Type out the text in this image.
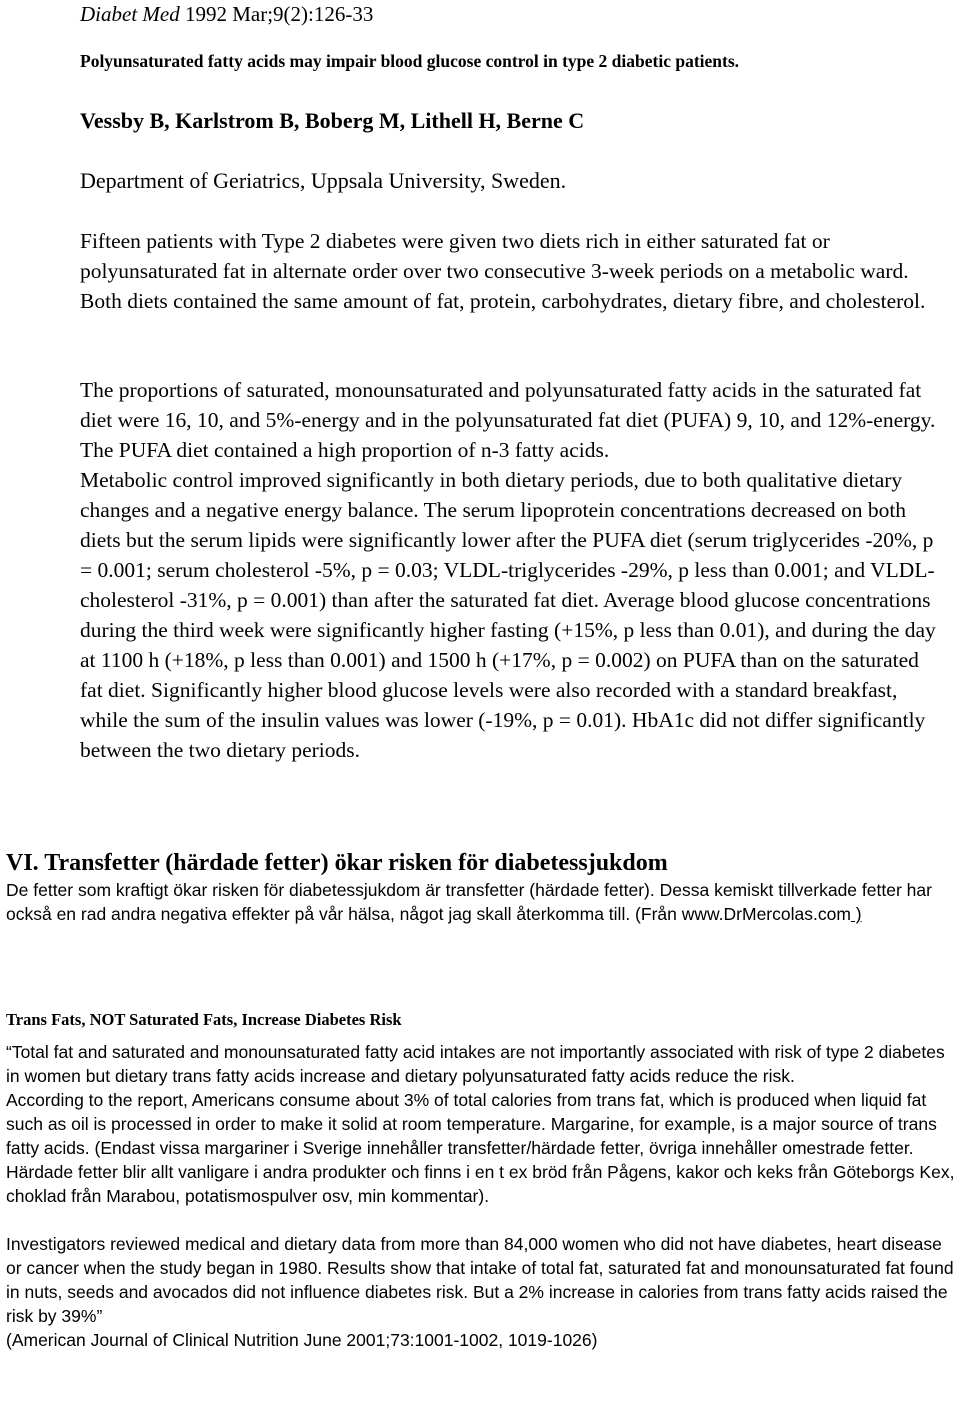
Diabet Med 1992 Mar;9(2):126-33
Polyunsaturated fatty acids may impair blood glucose control in type 2 diabetic patients.
Vessby B, Karlstrom B, Boberg M, Lithell H, Berne C
Department of Geriatrics, Uppsala University, Sweden.

Fifteen patients with Type 2 diabetes were given two diets rich in either saturated fat or polyunsaturated fat in alternate order over two consecutive 3-week periods on a metabolic ward. Both diets contained the same amount of fat, protein, carbohydrates, dietary fibre, and cholesterol.

The proportions of saturated, monounsaturated and polyunsaturated fatty acids in the saturated fat diet were 16, 10, and 5%-energy and in the polyunsaturated fat diet (PUFA) 9, 10, and 12%-energy. The PUFA diet contained a high proportion of n-3 fatty acids.

Metabolic control improved significantly in both dietary periods, due to both qualitative dietary changes and a negative energy balance. The serum lipoprotein concentrations decreased on both diets but the serum lipids were significantly lower after the PUFA diet (serum triglycerides -20%, p = 0.001; serum cholesterol -5%, p = 0.03; VLDL-triglycerides -29%, p less than 0.001; and VLDL-cholesterol -31%, p = 0.001) than after the saturated fat diet. Average blood glucose concentrations during the third week were significantly higher fasting (+15%, p less than 0.01), and during the day at 1100 h (+18%, p less than 0.001) and 1500 h (+17%, p = 0.002) on PUFA than on the saturated fat diet. Significantly higher blood glucose levels were also recorded with a standard breakfast, while the sum of the insulin values was lower (-19%, p = 0.01). HbA1c did not differ significantly between the two dietary periods.

VI. Transfetter (härdade fetter) ökar risken för diabetessjukdom
De fetter som kraftigt ökar risken för diabetessjukdom är transfetter (härdade fetter). Dessa kemiskt tillverkade fetter har också en rad andra negativa effekter på vår hälsa, något jag skall återkomma till. (Från www.DrMercolas.com )
Trans Fats, NOT Saturated Fats, Increase Diabetes Risk

“Total fat and saturated and monounsaturated fatty acid intakes are not importantly associated with risk of type 2 diabetes in women but dietary trans fatty acids increase and dietary polyunsaturated fatty acids reduce the risk.

According to the report, Americans consume about 3% of total calories from trans fat, which is produced when liquid fat such as oil is processed in order to make it solid at room temperature. Margarine, for example, is a major source of trans fatty acids. (Endast vissa margariner i Sverige innehåller transfetter/härdade fetter, övriga innehåller omestrade fetter. Härdade fetter blir allt vanligare i andra produkter och finns i en t ex bröd från Pågens, kakor och keks från Göteborgs Kex, choklad från Marabou, potatismospulver osv, min kommentar).

Investigators reviewed medical and dietary data from more than 84,000 women who did not have diabetes, heart disease or cancer when the study began in 1980. Results show that intake of total fat, saturated fat and monounsaturated fat found in nuts, seeds and avocados did not influence diabetes risk. But a 2% increase in calories from trans fatty acids raised the risk by 39%”

(American Journal of Clinical Nutrition June 2001;73:1001-1002, 1019-1026)
